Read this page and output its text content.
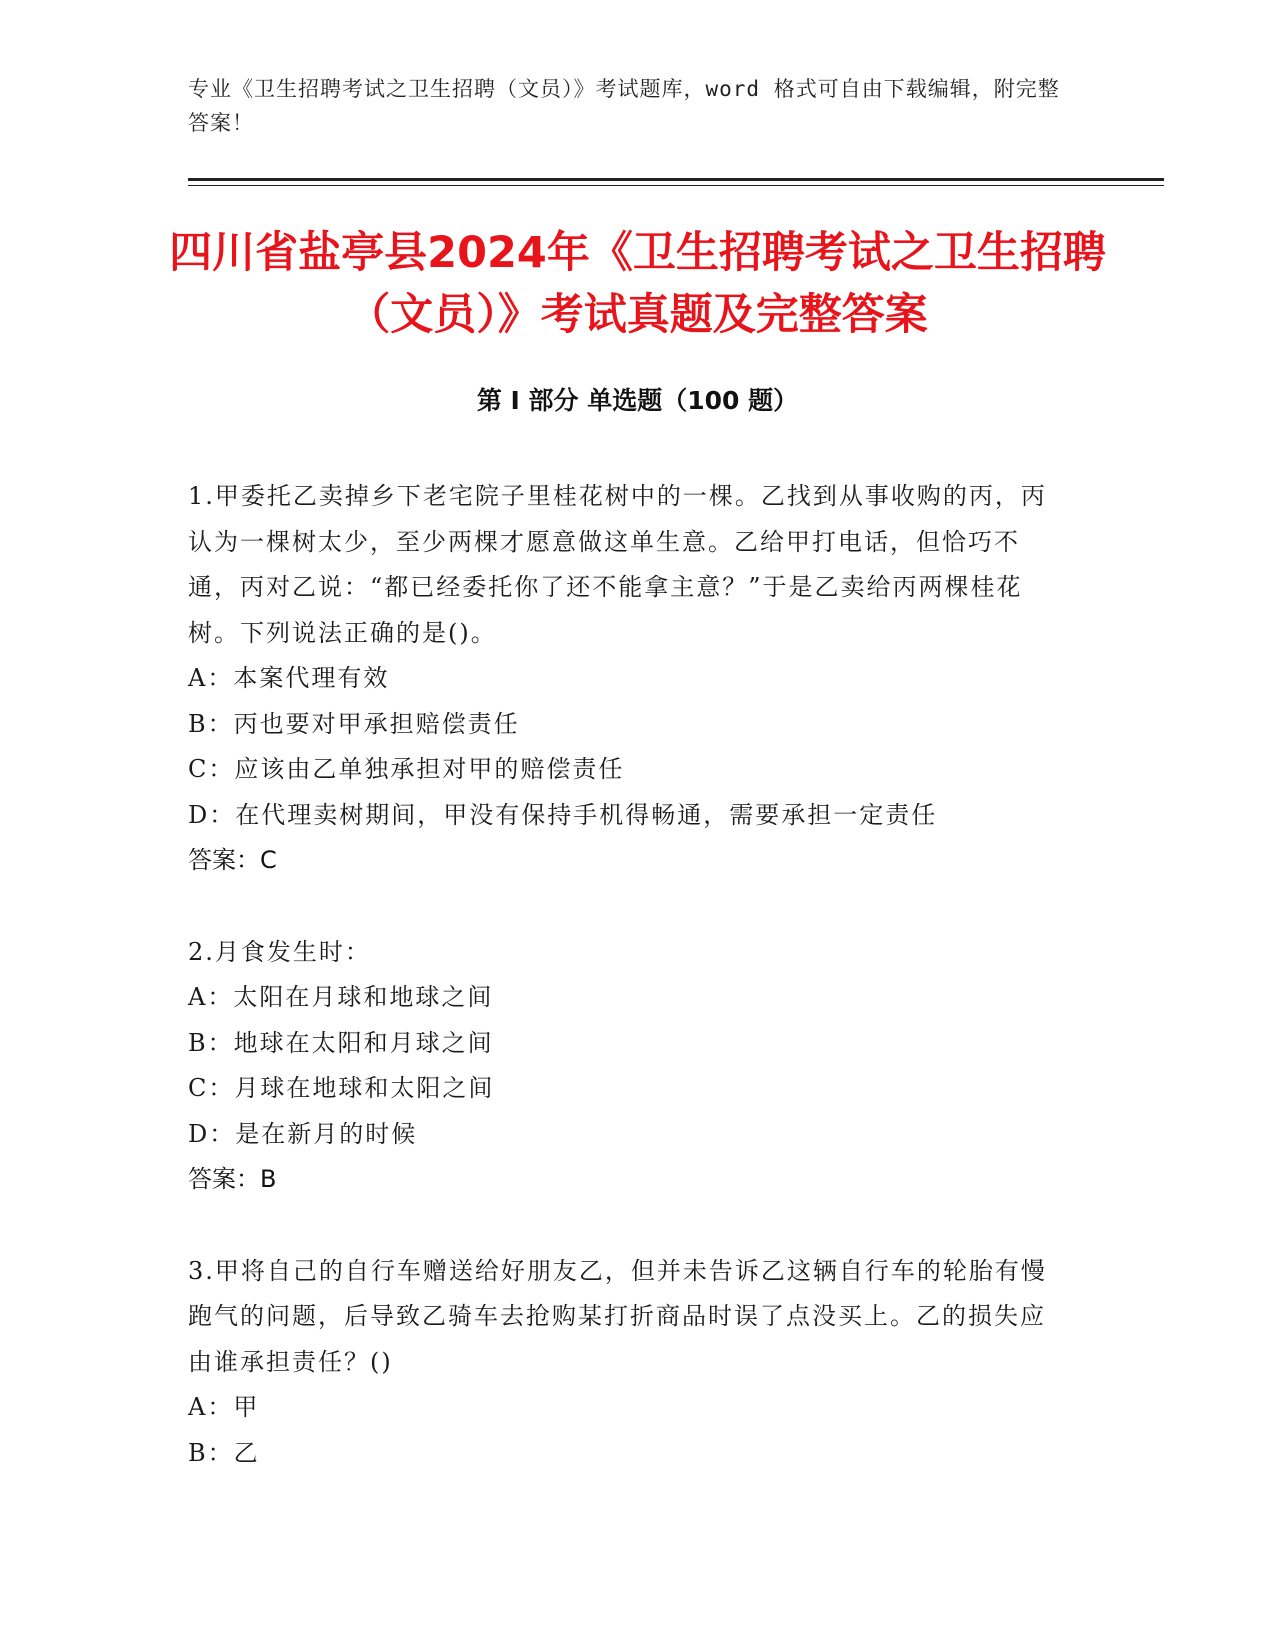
专业《卫生招聘考试之卫生招聘（文员）》考试题库，word 格式可自由下载编辑，附完整答案！
四川省盐亭县2024年《卫生招聘考试之卫生招聘（文员）》考试真题及完整答案
第 I 部分 单选题（100 题）

1.甲委托乙卖掉乡下老宅院子里桂花树中的一棵。乙找到从事收购的丙，丙认为一棵树太少，至少两棵才愿意做这单生意。乙给甲打电话，但恰巧不通，丙对乙说：“都已经委托你了还不能拿主意？”于是乙卖给丙两棵桂花树。下列说法正确的是()。

A：本案代理有效

B：丙也要对甲承担赔偿责任

C：应该由乙单独承担对甲的赔偿责任

D：在代理卖树期间，甲没有保持手机得畅通，需要承担一定责任

答案：C

2.月食发生时：

A：太阳在月球和地球之间

B：地球在太阳和月球之间

C：月球在地球和太阳之间

D：是在新月的时候

答案：B

3.甲将自己的自行车赠送给好朋友乙，但并未告诉乙这辆自行车的轮胎有慢跑气的问题，后导致乙骑车去抢购某打折商品时误了点没买上。乙的损失应由谁承担责任？()

A：甲

B：乙
